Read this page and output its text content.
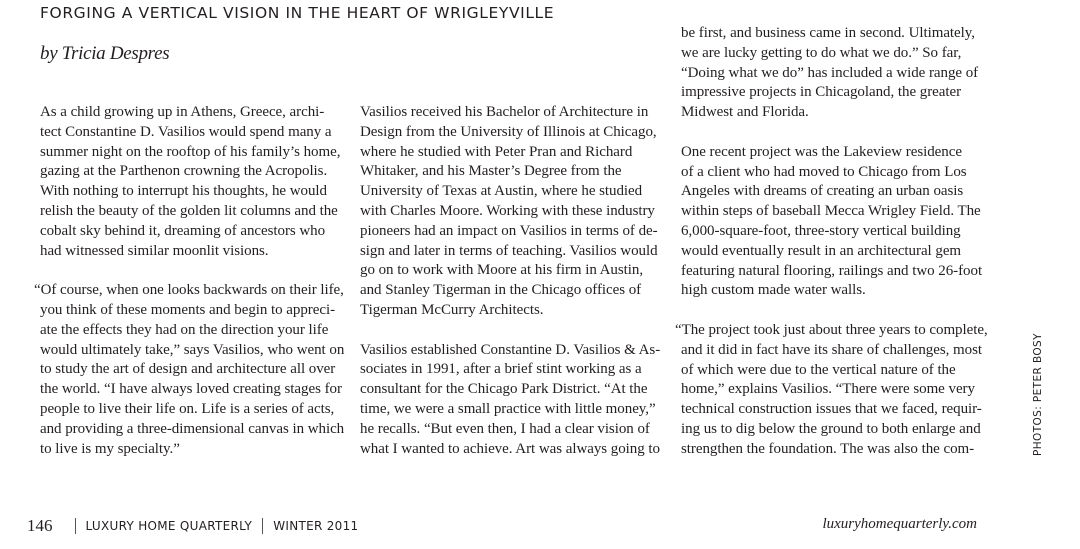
FORGING A VERTICAL VISION IN THE HEART OF WRIGLEYVILLE
by Tricia Despres
As a child growing up in Athens, Greece, archi-
tect Constantine D. Vasilios would spend many a
summer night on the rooftop of his family’s home,
gazing at the Parthenon crowning the Acropolis.
With nothing to interrupt his thoughts, he would
relish the beauty of the golden lit columns and the
cobalt sky behind it, dreaming of ancestors who
had witnessed similar moonlit visions.
“Of course, when one looks backwards on their life,
you think of these moments and begin to appreci-
ate the effects they had on the direction your life
would ultimately take,” says Vasilios, who went on
to study the art of design and architecture all over
the world. “I have always loved creating stages for
people to live their life on. Life is a series of acts,
and providing a three-dimensional canvas in which
to live is my specialty.”
Vasilios received his Bachelor of Architecture in
Design from the University of Illinois at Chicago,
where he studied with Peter Pran and Richard
Whitaker, and his Master’s Degree from the
University of Texas at Austin, where he studied
with Charles Moore. Working with these industry
pioneers had an impact on Vasilios in terms of de-
sign and later in terms of teaching. Vasilios would
go on to work with Moore at his firm in Austin,
and Stanley Tigerman in the Chicago offices of
Tigerman McCurry Architects.
Vasilios established Constantine D. Vasilios & As-
sociates in 1991, after a brief stint working as a
consultant for the Chicago Park District. “At the
time, we were a small practice with little money,”
he recalls. “But even then, I had a clear vision of
what I wanted to achieve. Art was always going to
be first, and business came in second. Ultimately,
we are lucky getting to do what we do.” So far,
“Doing what we do” has included a wide range of
impressive projects in Chicagoland, the greater
Midwest and Florida.
One recent project was the Lakeview residence
of a client who had moved to Chicago from Los
Angeles with dreams of creating an urban oasis
within steps of baseball Mecca Wrigley Field. The
6,000-square-foot, three-story vertical building
would eventually result in an architectural gem
featuring natural flooring, railings and two 26-foot
high custom made water walls.
“The project took just about three years to complete,
and it did in fact have its share of challenges, most
of which were due to the vertical nature of the
home,” explains Vasilios. “There were some very
technical construction issues that we faced, requir-
ing us to dig below the ground to both enlarge and
strengthen the foundation. The was also the com-	PHOTOS: PETER BOSY
146	LUXURY HOME QUARTERLY WINTER 2011	luxuryhomequarterly.com
